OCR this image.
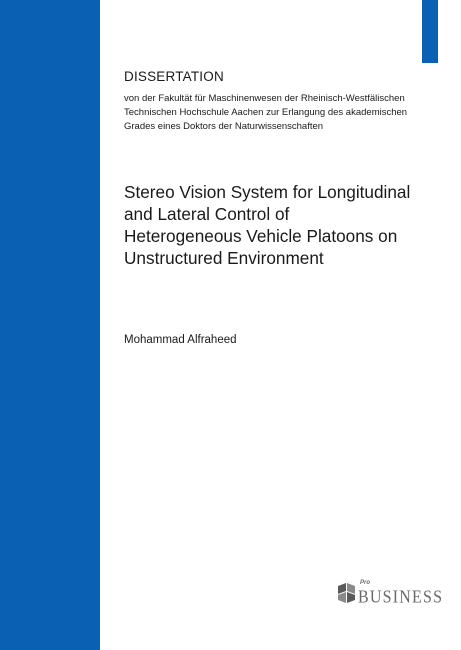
DISSERTATION

von der Fakultät für Maschinenwesen der Rheinisch-Westfälischen
Technischen Hochschule Aachen zur Erlangung des akademischen
Grades eines Doktors der Naturwissenschaften

Stereo Vision System for Longitudinal
and Lateral Control of
Heterogeneous Vehicle Platoons on
Unstructured Environment

Mohammad Alfraheed

Pro
BUSINESS
